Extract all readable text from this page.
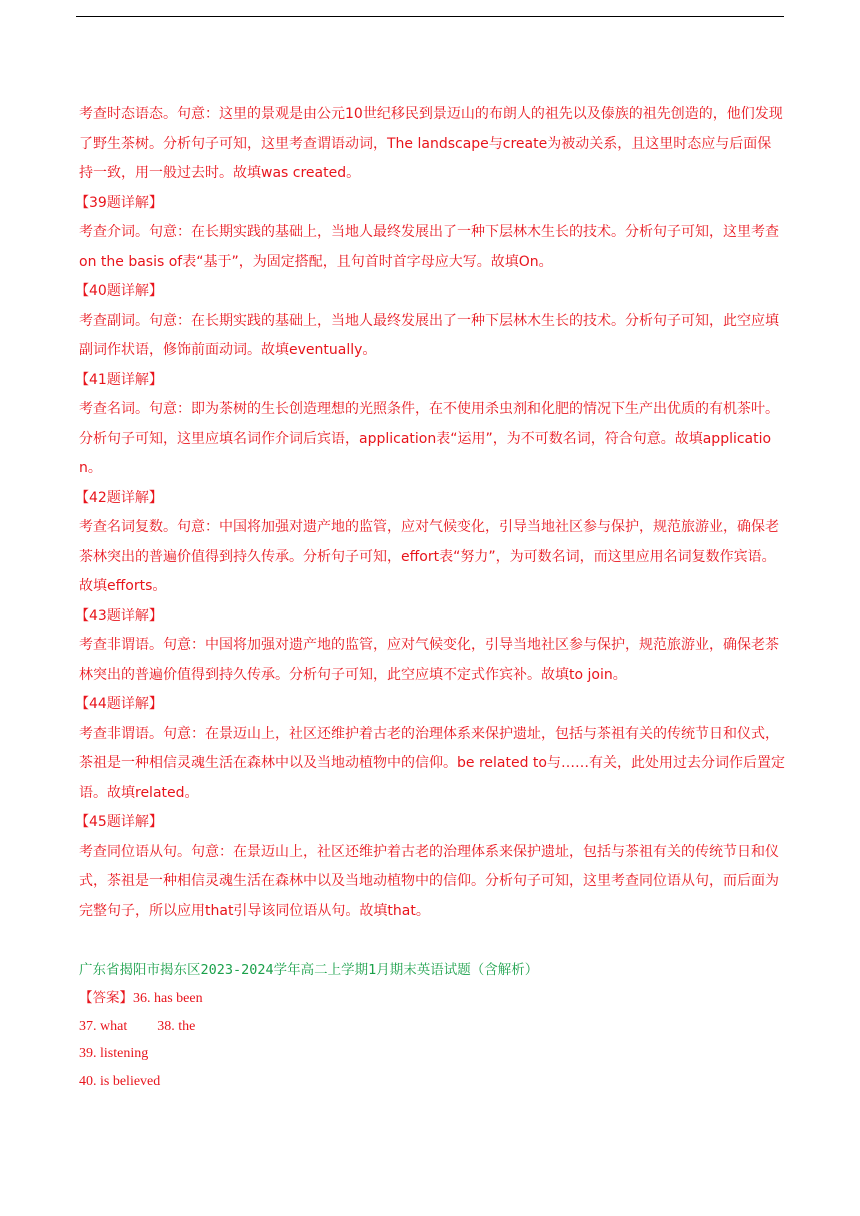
考查时态语态。句意：这里的景观是由公元10世纪移民到景迈山的布朗人的祖先以及傣族的祖先创造的，他们发现了野生茶树。分析句子可知，这里考查谓语动词，The landscape与create为被动关系，且这里时态应与后面保持一致，用一般过去时。故填was created。

【39题详解】

考查介词。句意：在长期实践的基础上，当地人最终发展出了一种下层林木生长的技术。分析句子可知，这里考查on the basis of表“基于”，为固定搭配，且句首时首字母应大写。故填On。

【40题详解】

考查副词。句意：在长期实践的基础上，当地人最终发展出了一种下层林木生长的技术。分析句子可知，此空应填副词作状语，修饰前面动词。故填eventually。

【41题详解】

考查名词。句意：即为茶树的生长创造理想的光照条件，在不使用杀虫剂和化肥的情况下生产出优质的有机茶叶。分析句子可知，这里应填名词作介词后宾语，application表“运用”，为不可数名词，符合句意。故填application。

【42题详解】

考查名词复数。句意：中国将加强对遗产地的监管，应对气候变化，引导当地社区参与保护，规范旅游业，确保老茶林突出的普遍价值得到持久传承。分析句子可知，effort表“努力”，为可数名词，而这里应用名词复数作宾语。故填efforts。

【43题详解】

考查非谓语。句意：中国将加强对遗产地的监管，应对气候变化，引导当地社区参与保护，规范旅游业，确保老茶林突出的普遍价值得到持久传承。分析句子可知，此空应填不定式作宾补。故填to join。

【44题详解】

考查非谓语。句意：在景迈山上，社区还维护着古老的治理体系来保护遗址，包括与茶祖有关的传统节日和仪式，茶祖是一种相信灵魂生活在森林中以及当地动植物中的信仰。be related to与……有关，此处用过去分词作后置定语。故填related。

【45题详解】

考查同位语从句。句意：在景迈山上，社区还维护着古老的治理体系来保护遗址，包括与茶祖有关的传统节日和仪式，茶祖是一种相信灵魂生活在森林中以及当地动植物中的信仰。分析句子可知，这里考查同位语从句，而后面为完整句子，所以应用that引导该同位语从句。故填that。

广东省揭阳市揭东区2023-2024学年高二上学期1月期末英语试题（含解析）

【答案】36. has been
37. what 38. the
39. listening
40. is believed
